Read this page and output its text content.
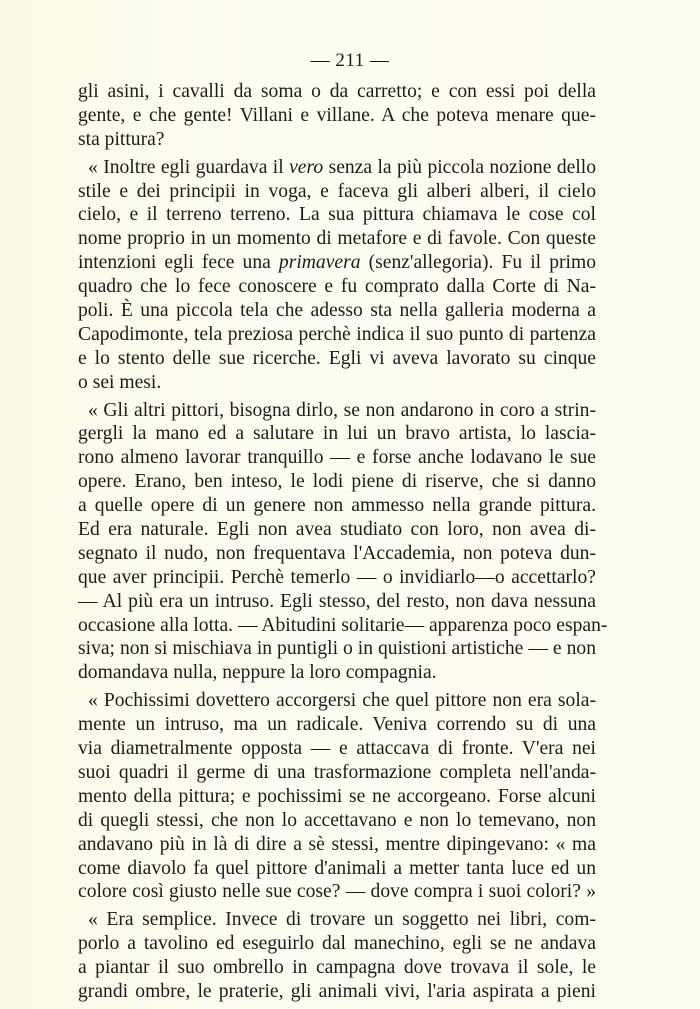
— 211 —
gli asini, i cavalli da soma o da carretto; e con essi poi della
gente, e che gente! Villani e villane. A che poteva menare que-
sta pittura?
« Inoltre egli guardava il vero senza la più piccola nozione dello
stile e dei principii in voga, e faceva gli alberi alberi, il cielo
cielo, e il terreno terreno. La sua pittura chiamava le cose col
nome proprio in un momento di metafore e di favole. Con queste
intenzioni egli fece una primavera (senz'allegoria). Fu il primo
quadro che lo fece conoscere e fu comprato dalla Corte di Na-
poli. È una piccola tela che adesso sta nella galleria moderna a
Capodimonte, tela preziosa perchè indica il suo punto di partenza
e lo stento delle sue ricerche. Egli vi aveva lavorato su cinque
o sei mesi.
« Gli altri pittori, bisogna dirlo, se non andarono in coro a strin-
gergli la mano ed a salutare in lui un bravo artista, lo lascia-
rono almeno lavorar tranquillo — e forse anche lodavano le sue
opere. Erano, ben inteso, le lodi piene di riserve, che si danno
a quelle opere di un genere non ammesso nella grande pittura.
Ed era naturale. Egli non avea studiato con loro, non avea di-
segnato il nudo, non frequentava l'Accademia, non poteva dun-
que aver principii. Perchè temerlo — o invidiarlo—o accettarlo?
— Al più era un intruso. Egli stesso, del resto, non dava nessuna
occasione alla lotta. — Abitudini solitarie— apparenza poco espan-
siva; non si mischiava in puntigli o in quistioni artistiche — e non
domandava nulla, neppure la loro compagnia.
« Pochissimi dovettero accorgersi che quel pittore non era sola-
mente un intruso, ma un radicale. Veniva correndo su di una
via diametralmente opposta — e attaccava di fronte. V'era nei
suoi quadri il germe di una trasformazione completa nell'anda-
mento della pittura; e pochissimi se ne accorgeano. Forse alcuni
di quegli stessi, che non lo accettavano e non lo temevano, non
andavano più in là di dire a sè stessi, mentre dipingevano: « ma
come diavolo fa quel pittore d'animali a metter tanta luce ed un
colore così giusto nelle sue cose? — dove compra i suoi colori? »
« Era semplice. Invece di trovare un soggetto nei libri, com-
porlo a tavolino ed eseguirlo dal manechino, egli se ne andava
a piantar il suo ombrello in campagna dove trovava il sole, le
grandi ombre, le praterie, gli animali vivi, l'aria aspirata a pieni
